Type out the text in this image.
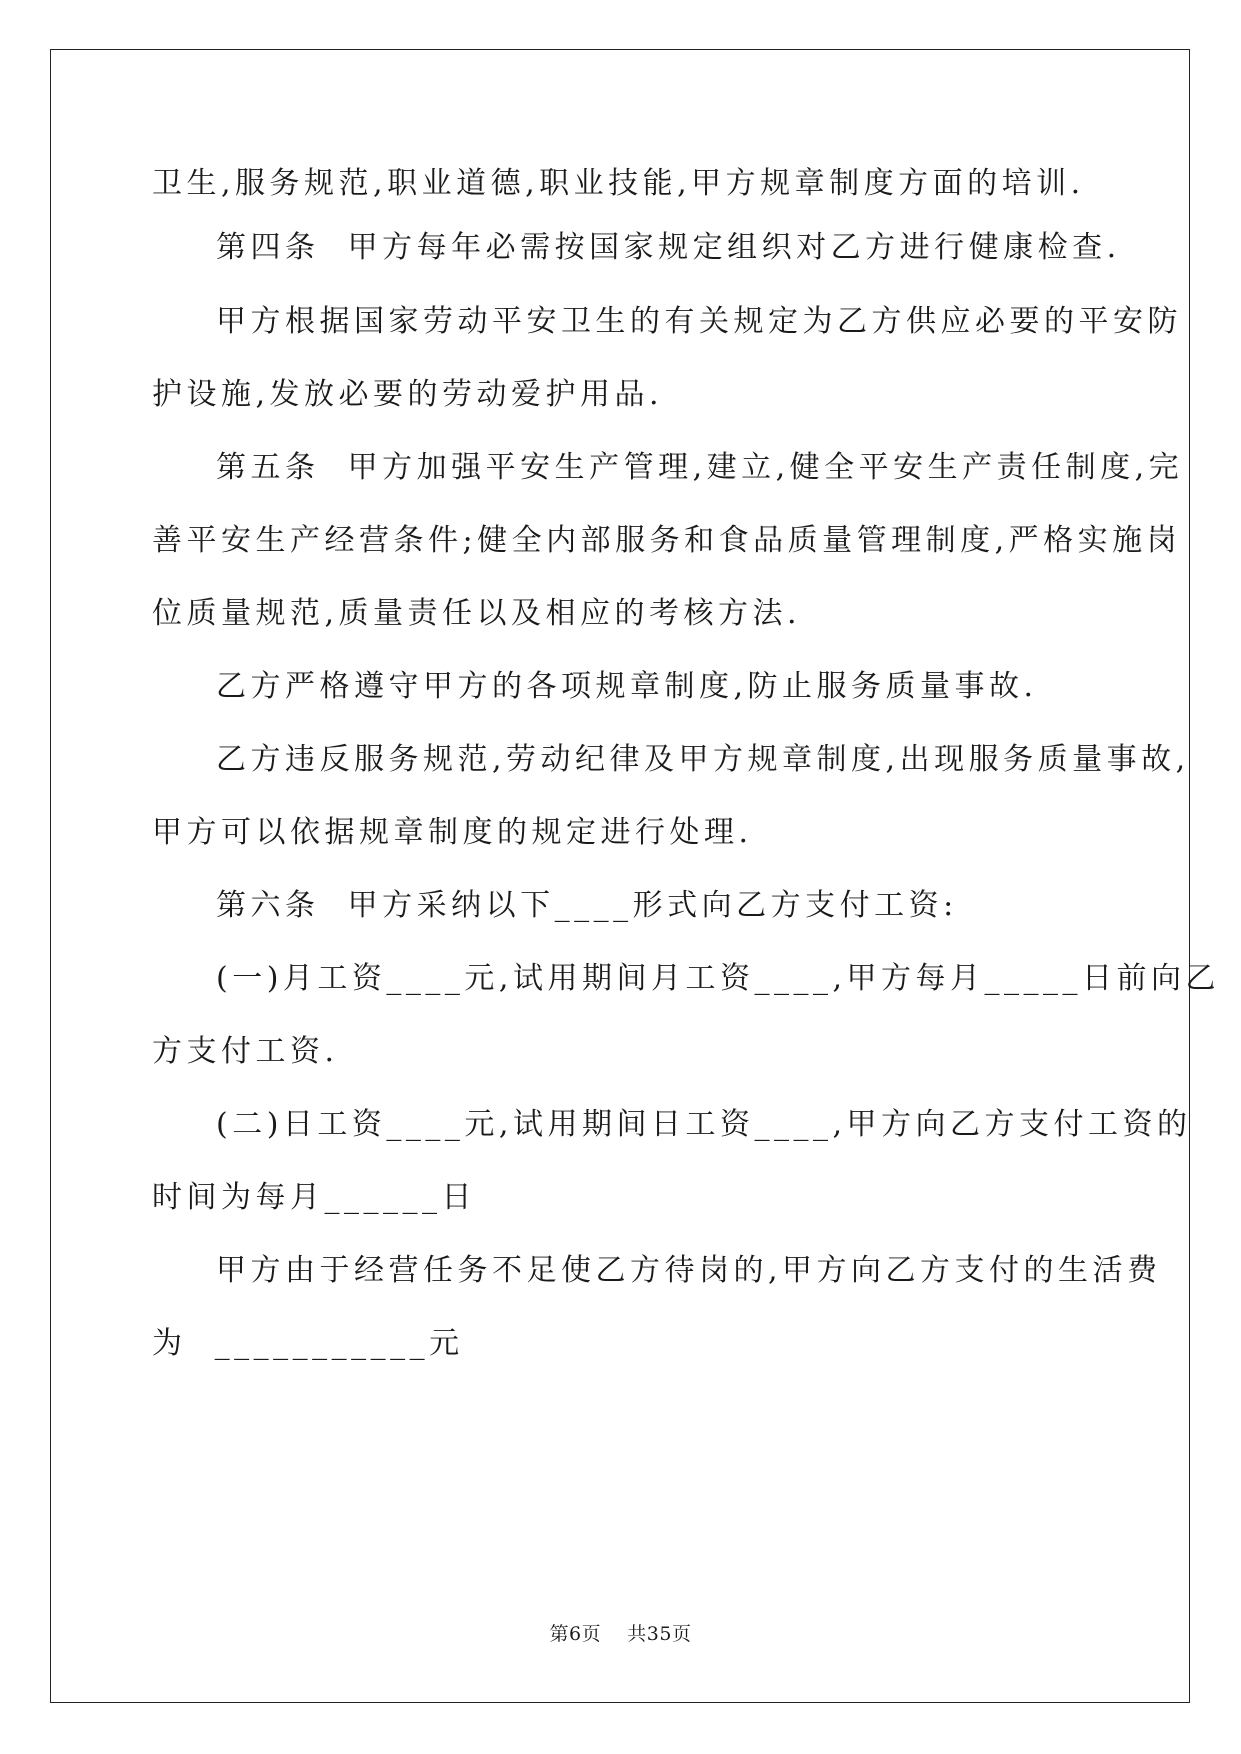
卫生,服务规范,职业道德,职业技能,甲方规章制度方面的培训.
第四条  甲方每年必需按国家规定组织对乙方进行健康检查.
甲方根据国家劳动平安卫生的有关规定为乙方供应必要的平安防
护设施,发放必要的劳动爱护用品.
第五条  甲方加强平安生产管理,建立,健全平安生产责任制度,完
善平安生产经营条件;健全内部服务和食品质量管理制度,严格实施岗
位质量规范,质量责任以及相应的考核方法.
乙方严格遵守甲方的各项规章制度,防止服务质量事故.
乙方违反服务规范,劳动纪律及甲方规章制度,出现服务质量事故,
甲方可以依据规章制度的规定进行处理.
第六条  甲方采纳以下____形式向乙方支付工资:
(一)月工资____元,试用期间月工资____,甲方每月_____日前向乙
方支付工资.
(二)日工资____元,试用期间日工资____,甲方向乙方支付工资的
时间为每月______日
甲方由于经营任务不足使乙方待岗的,甲方向乙方支付的生活费
为  ___________元
第6页 共35页
